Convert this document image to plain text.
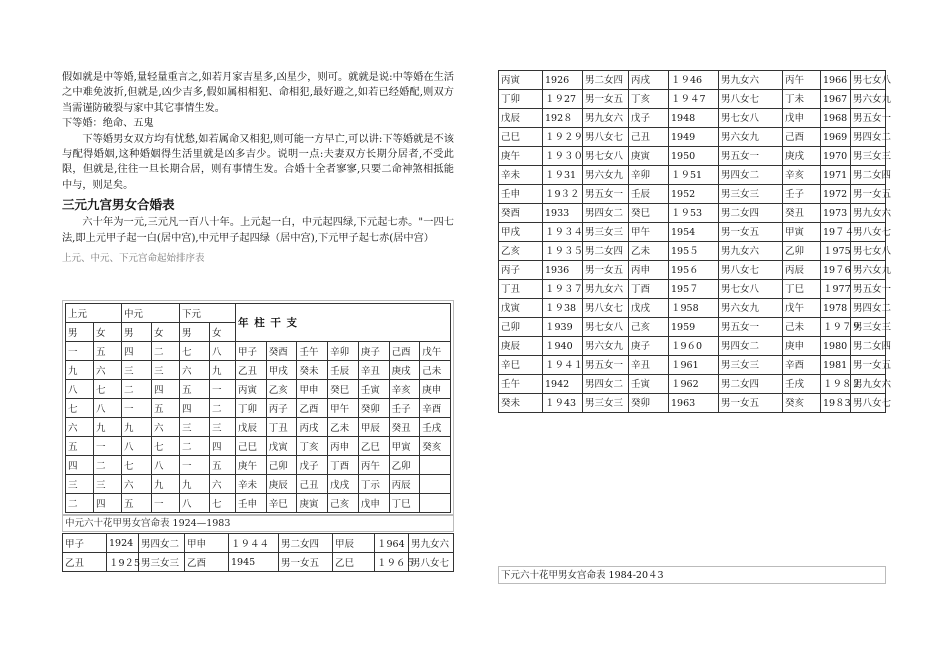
假如就是中等婚,量轻量重言之,如若月家吉星多,凶星少，则可。就就是说:中等婚在生活之中难免波折,但就是,凶少吉多,假如属相相犯、命相犯,最好避之,如若已经婚配,则双方当需谨防破裂与家中其它事情生发。

下等婚：绝命、五鬼

下等婚男女双方均有忧愁,如若属命又相犯,则可能一方早亡,可以讲:下等婚就是不该与配得婚姻,这种婚姻得生活里就是凶多吉少。说明一点:夫妻双方长期分居者,不受此限，但就是,往往一旦长期合居，则有事情生发。合婚十全者寥寥,只要二命神煞相抵能中与，则足矣。

三元九宫男女合婚表

六十年为一元,三元凡一百八十年。上元起一白，中元起四绿,下元起七赤。"一四七法,即上元甲子起一白(居中宫),中元甲子起四绿（居中宫),下元甲子起七赤(居中宫）

上元、中元、下元宫命起始排序表
上元		中元		下元		年 柱 干 支						
男	女	男	女	男	女							
一	五	四	二	七	八	甲子	癸酉	壬午	辛卯	庚子	己酉	戊午
九	六	三	三	六	九	乙丑	甲戌	癸未	壬辰	辛丑	庚戌	己未
八	七	二	四	五	一	丙寅	乙亥	甲申	癸巳	壬寅	辛亥	庚申
七	八	一	五	四	二	丁卯	丙子	乙酉	甲午	癸卯	壬子	辛酉
六	九	九	六	三	三	戊辰	丁丑	丙戌	乙未	甲辰	癸丑	壬戌
五	一	八	七	二	四	己巳	戊寅	丁亥	丙申	乙巳	甲寅	癸亥
四	二	七	八	一	五	庚午	己卯	戊子	丁酉	丙午	乙卯	
三	三	六	九	九	六	辛未	庚辰	己丑	戊戌	丁示	丙辰	
二	四	五	一	八	七	壬申	辛巳	庚寅	己亥	戊申	丁巳	
中元六十花甲男女宫命表 1924—1983
甲子	1924	男四女二	甲申	１９４４	男二女四	甲辰	１964	男九女六
乙丑	１9２5	男三女三	乙酉	1945	男一女五	乙巳	１９６５	男八女七
丙寅	1926	男二女四	丙戌	１９46	男九女六	丙午	1966	男七女八
丁卯	１９27	男一女五	丁亥	１９４7	男八女七	丁未	1967	男六女九
戊辰	192８	男九女六	戊子	1948	男七女八	戊申	1968	男五女一
己巳	１９２９	男八女七	己丑	1949	男六女九	己酉	1969	男四女二
庚午	１９３０	男七女八	庚寅	1950	男五女一	庚戌	1970	男三女三
辛未	１９31	男六女九	辛卯	１９51	男四女二	辛亥	1971	男二女四
壬申	１9３２	男五女一	壬辰	1952	男三女三	壬子	1972	男一女五
癸酉	1933	男四女二	癸巳	１９53	男二女四	癸丑	1973	男九女六
甲戌	１９３４	男三女三	甲午	1954	男一女五	甲寅	19７４	男八女七
乙亥	１９３５	男二女四	乙未	195５	男九女六	乙卯	１975	男七女八
丙子	1936	男一女五	丙申	195６	男八女七	丙辰	19７6	男六女九
丁丑	１９３７	男九女六	丁酉	195７	男七女八	丁巳	１977	男五女一
戊寅	１９38	男八女七	戊戌	１958	男六女九	戊午	1978	男四女二
己卯	１939	男七女八	己亥	1959	男五女一	己未	１９７９	男三女三
庚辰	１940	男六女九	庚子	１9６0	男四女二	庚申	1980	男二女四
辛巳	１９４１	男五女一	辛丑	１961	男三女三	辛酉	1981	男一女五
壬午	1942	男四女二	壬寅	１962	男二女四	壬戌	１９８２	男九女六
癸未	１９43	男三女三	癸卯	1963	男一女五	癸亥	19８3	男八女七
下元六十花甲男女宫命表 1984-20４3
